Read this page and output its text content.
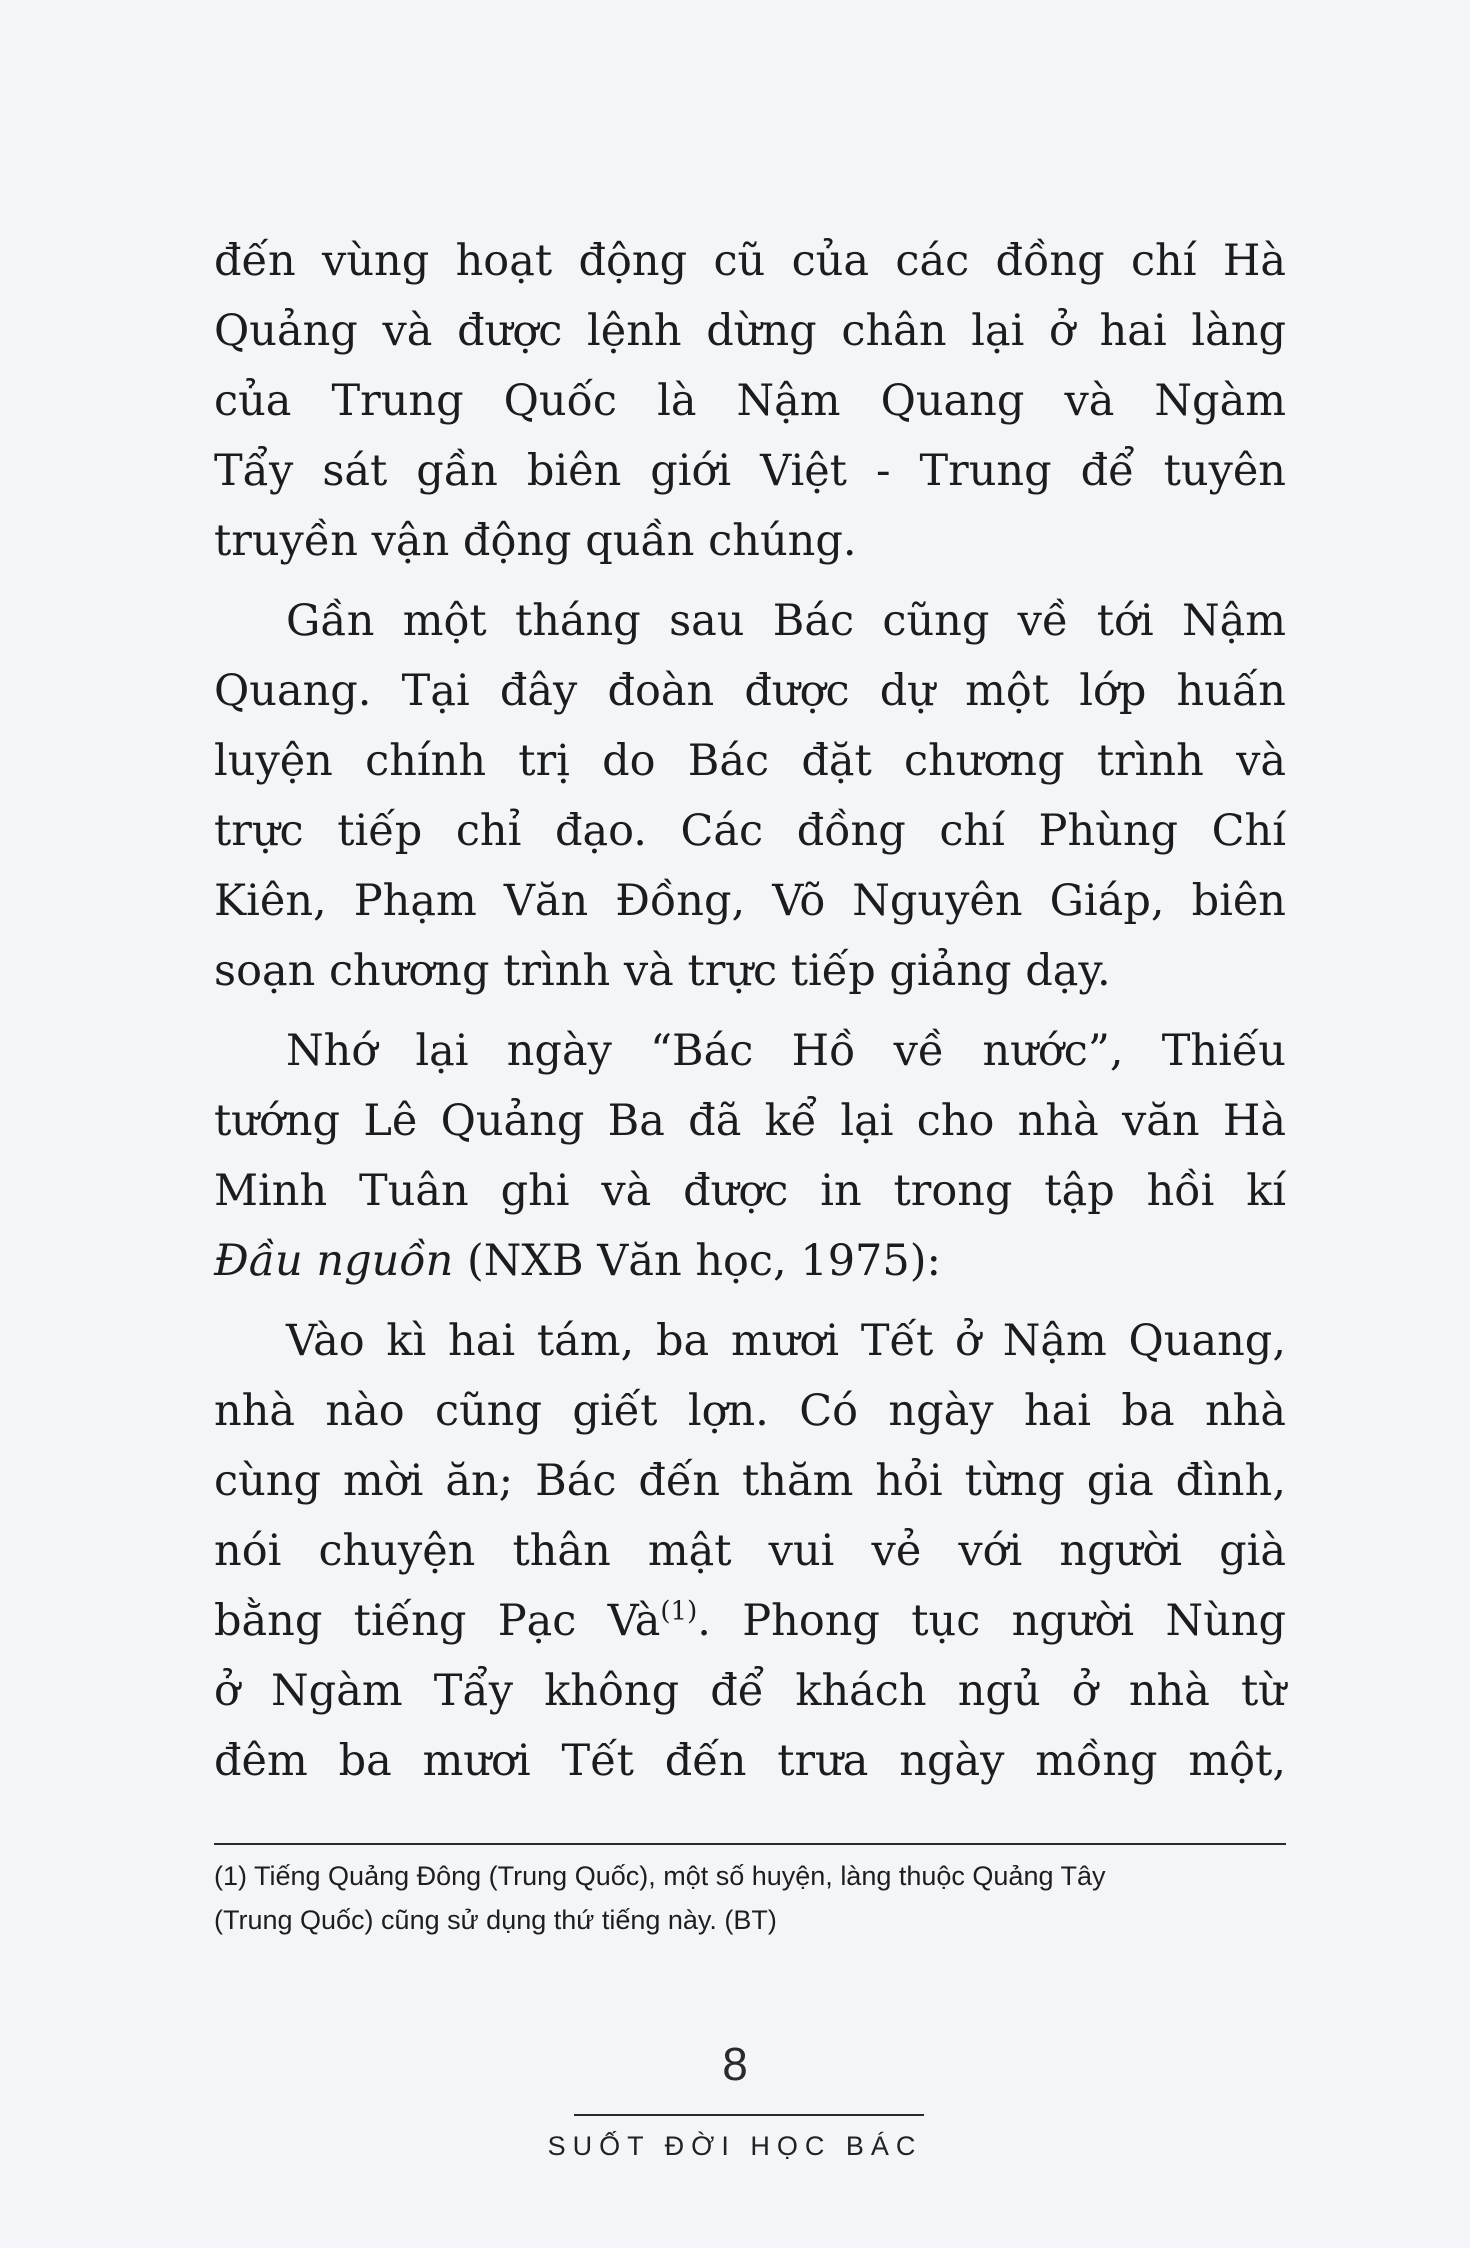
đến vùng hoạt động cũ của các đồng chí Hà
Quảng và được lệnh dừng chân lại ở hai làng
của Trung Quốc là Nậm Quang và Ngàm
Tẩy sát gần biên giới Việt - Trung để tuyên
truyền vận động quần chúng.

Gần một tháng sau Bác cũng về tới Nậm
Quang. Tại đây đoàn được dự một lớp huấn
luyện chính trị do Bác đặt chương trình và
trực tiếp chỉ đạo. Các đồng chí Phùng Chí
Kiên, Phạm Văn Đồng, Võ Nguyên Giáp, biên
soạn chương trình và trực tiếp giảng dạy.

Nhớ lại ngày “Bác Hồ về nước”, Thiếu
tướng Lê Quảng Ba đã kể lại cho nhà văn Hà
Minh Tuân ghi và được in trong tập hồi kí
Đầu nguồn (NXB Văn học, 1975):

Vào kì hai tám, ba mươi Tết ở Nậm Quang,
nhà nào cũng giết lợn. Có ngày hai ba nhà
cùng mời ăn; Bác đến thăm hỏi từng gia đình,
nói chuyện thân mật vui vẻ với người già
bằng tiếng Pạc $Và^{(1)}$. Phong tục người Nùng
ở Ngàm Tẩy không để khách ngủ ở nhà từ
đêm ba mươi Tết đến trưa ngày mồng một,

(1) Tiếng Quảng Đông (Trung Quốc), một số huyện, làng thuộc Quảng Tây
(Trung Quốc) cũng sử dụng thứ tiếng này. (BT)
8
SUỐT ĐỜI HỌC BÁC
